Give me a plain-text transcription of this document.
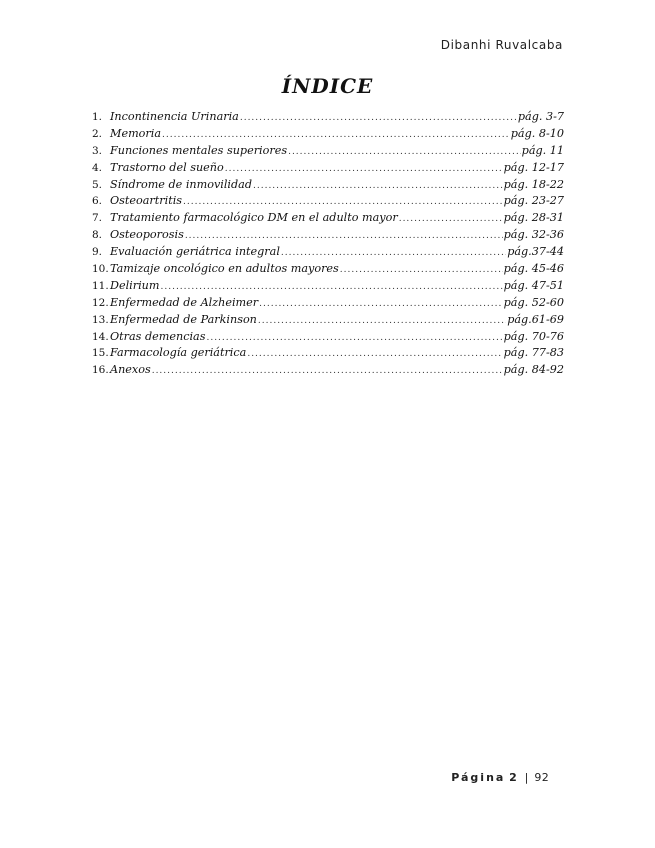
Dibanhi Ruvalcaba
ÍNDICE
1. Incontinencia Urinaria .....	pág. 3-7
2. Memoria .....	pág. 8-10
3. Funciones mentales superiores .....	pág. 11
4. Trastorno del sueño .....	pág. 12-17
5. Síndrome de inmovilidad .....	pág. 18-22
6. Osteoartritis .....	pág. 23-27
7. Tratamiento farmacológico DM en el adulto mayor .....	pág. 28-31
8. Osteoporosis .....	pág. 32-36
9. Evaluación geriátrica integral .....	pág.37-44
10. Tamizaje oncológico en adultos mayores .....	pág. 45-46
11. Delirium .....	pág. 47-51
12. Enfermedad de Alzheimer .....	pág. 52-60
13. Enfermedad de Parkinson .....	pág.61-69
14. Otras demencias .....	pág. 70-76
15. Farmacología geriátrica .....	pág. 77-83
16. Anexos .....	pág. 84-92
Página 2 | 92
